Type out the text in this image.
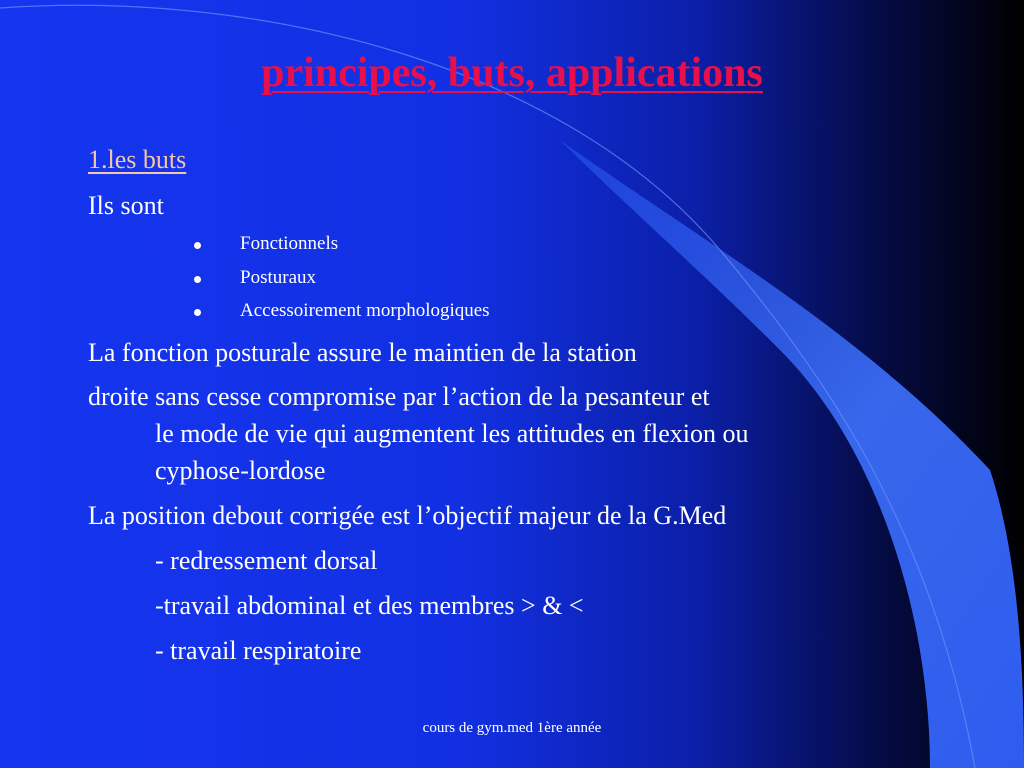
principes, buts, applications
1.les buts
Ils sont
Fonctionnels
Posturaux
Accessoirement morphologiques
La fonction posturale assure le maintien de la station
droite sans cesse compromise par l’action de la pesanteur et
le mode de vie qui augmentent les attitudes en flexion ou
cyphose-lordose
La position debout corrigée est l’objectif majeur de la G.Med
- redressement dorsal
-travail abdominal et des membres > & <
- travail respiratoire
cours de gym.med 1ère année
